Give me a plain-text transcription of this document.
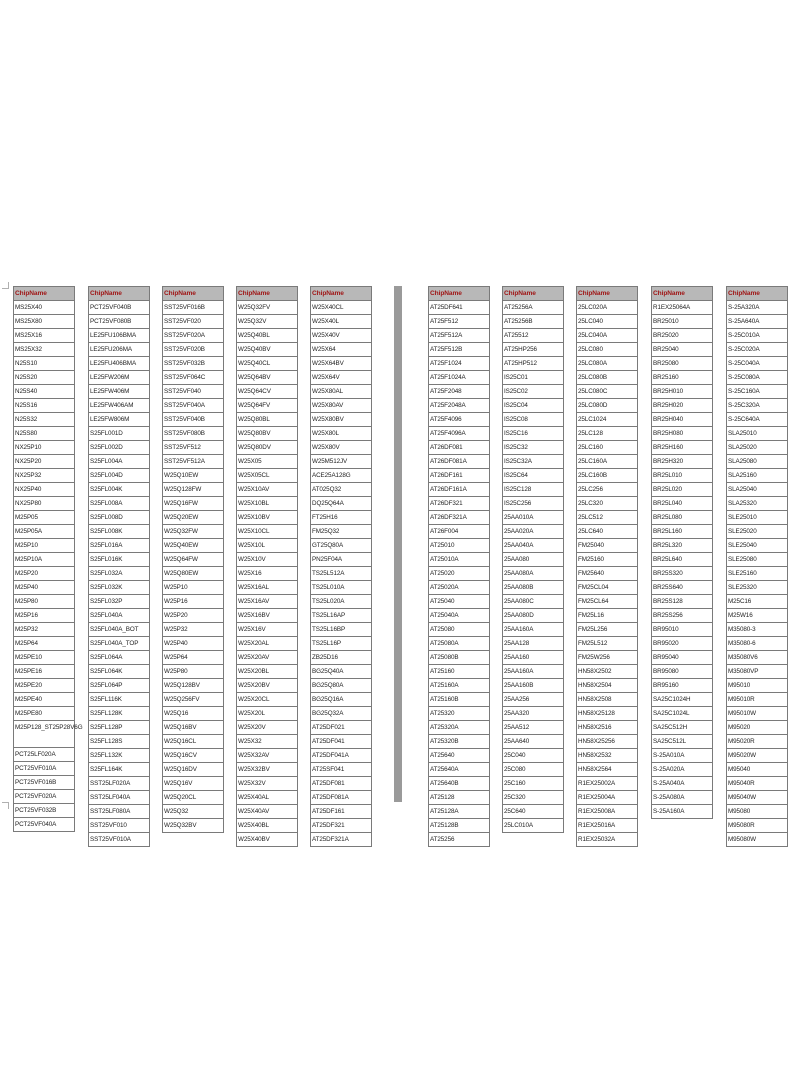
ChipName
MS25X40
MS25X80
MS25X16
MS25X32
N25S10
N25S20
N25S40
N25S16
N25S32
N25S80
NX25P10
NX25P20
NX25P32
NX25P40
NX25P80
M25P05
M25P05A
M25P10
M25P10A
M25P20
M25P40
M25P80
M25P16
M25P32
M25P64
M25PE10
M25PE16
M25PE20
M25PE40
M25PE80
M25P128_ST25P28V6G
PCT25LF020A
PCT25VF010A
PCT25VF016B
PCT25VF020A
PCT25VF032B
PCT25VF040A
ChipName
PCT25VF040B
PCT25VF080B
LE25FU106BMA
LE25FU206MA
LE25FU406BMA
LE25FW206M
LE25FW406M
LE25FW406AM
LE25FW806M
S25FL001D
S25FL002D
S25FL004A
S25FL004D
S25FL004K
S25FL008A
S25FL008D
S25FL008K
S25FL016A
S25FL016K
S25FL032A
S25FL032K
S25FL032P
S25FL040A
S25FL040A_BOT
S25FL040A_TOP
S25FL064A
S25FL064K
S25FL064P
S25FL116K
S25FL128K
S25FL128P
S25FL128S
S25FL132K
S25FL164K
SST25LF020A
SST25LF040A
SST25LF080A
SST25VF010
SST25VF010A
ChipName
SST25VF016B
SST25VF020
SST25VF020A
SST25VF020B
SST25VF032B
SST25VF064C
SST25VF040
SST25VF040A
SST25VF040B
SST25VF080B
SST25VF512
SST25VF512A
W25Q10EW
W25Q128FW
W25Q16FW
W25Q20EW
W25Q32FW
W25Q40EW
W25Q64FW
W25Q80EW
W25P10
W25P16
W25P20
W25P32
W25P40
W25P64
W25P80
W25Q128BV
W25Q256FV
W25Q16
W25Q16BV
W25Q16CL
W25Q16CV
W25Q16DV
W25Q16V
W25Q20CL
W25Q32
W25Q32BV
ChipName
W25Q32FV
W25Q32V
W25Q40BL
W25Q40BV
W25Q40CL
W25Q64BV
W25Q64CV
W25Q64FV
W25Q80BL
W25Q80BV
W25Q80DV
W25X05
W25X05CL
W25X10AV
W25X10BL
W25X10BV
W25X10CL
W25X10L
W25X10V
W25X16
W25X16AL
W25X16AV
W25X16BV
W25X16V
W25X20AL
W25X20AV
W25X20BL
W25X20BV
W25X20CL
W25X20L
W25X20V
W25X32
W25X32AV
W25X32BV
W25X32V
W25X40AL
W25X40AV
W25X40BL
W25X40BV
ChipName
W25X40CL
W25X40L
W25X40V
W25X64
W25X64BV
W25X64V
W25X80AL
W25X80AV
W25X80BV
W25X80L
W25X80V
W25M512JV
ACE25A128G
AT025Q32
DQ25Q64A
FT25H16
FM25Q32
GT25Q80A
PN25F04A
TS25L512A
TS25L010A
TS25L020A
TS25L16AP
TS25L16BP
TS25L16P
ZB25D16
BG25Q40A
BG25Q80A
BG25Q16A
BG25Q32A
AT25DF021
AT25DF041
AT25DF041A
AT25SF041
AT25DF081
AT25DF081A
AT25DF161
AT25DF321
AT25DF321A
ChipName
AT25DF641
AT25F512
AT25F512A
AT25F512B
AT25F1024
AT25F1024A
AT25F2048
AT25F2048A
AT25F4096
AT25F4096A
AT26DF081
AT26DF081A
AT26DF161
AT26DF161A
AT26DF321
AT26DF321A
AT26F004
AT25010
AT25010A
AT25020
AT25020A
AT25040
AT25040A
AT25080
AT25080A
AT25080B
AT25160
AT25160A
AT25160B
AT25320
AT25320A
AT25320B
AT25640
AT25640A
AT25640B
AT25128
AT25128A
AT25128B
AT25256
ChipName
AT25256A
AT25256B
AT25512
AT25HP256
AT25HP512
IS25C01
IS25C02
IS25C04
IS25C08
IS25C16
IS25C32
IS25C32A
IS25C64
IS25C128
IS25C256
25AA010A
25AA020A
25AA040A
25AA080
25AA080A
25AA080B
25AA080C
25AA080D
25AA160A
25AA128
25AA160
25AA160A
25AA160B
25AA256
25AA320
25AA512
25AA640
25C040
25C080
25C160
25C320
25C640
25LC010A
ChipName
25LC020A
25LC040
25LC040A
25LC080
25LC080A
25LC080B
25LC080C
25LC080D
25LC1024
25LC128
25LC160
25LC160A
25LC160B
25LC256
25LC320
25LC512
25LC640
FM25040
FM25160
FM25640
FM25CL04
FM25CL64
FM25L16
FM25L256
FM25L512
FM25W256
HN58X2502
HN58X2504
HN58X2508
HN58X25128
HN58X2516
HN58X25256
HN58X2532
HN58X2564
R1EX25002A
R1EX25004A
R1EX25008A
R1EX25016A
R1EX25032A
ChipName
R1EX25064A
BR25010
BR25020
BR25040
BR25080
BR25160
BR25H010
BR25H020
BR25H040
BR25H080
BR25H160
BR25H320
BR25L010
BR25L020
BR25L040
BR25L080
BR25L160
BR25L320
BR25L640
BR25S320
BR25S640
BR25S128
BR25S256
BR95010
BR95020
BR95040
BR95080
BR95160
SA25C1024H
SA25C1024L
SA25C512H
SA25C512L
S-25A010A
S-25A020A
S-25A040A
S-25A080A
S-25A160A
ChipName
S-25A320A
S-25A640A
S-25C010A
S-25C020A
S-25C040A
S-25C080A
S-25C160A
S-25C320A
S-25C640A
SLA25010
SLA25020
SLA25080
SLA25160
SLA25040
SLA25320
SLE25010
SLE25020
SLE25040
SLE25080
SLE25160
SLE25320
M25C16
M25W16
M35080-3
M35080-6
M35080V6
M35080VP
M95010
M95010R
M95010W
M95020
M95020R
M95020W
M95040
M95040R
M95040W
M95080
M95080R
M95080W
